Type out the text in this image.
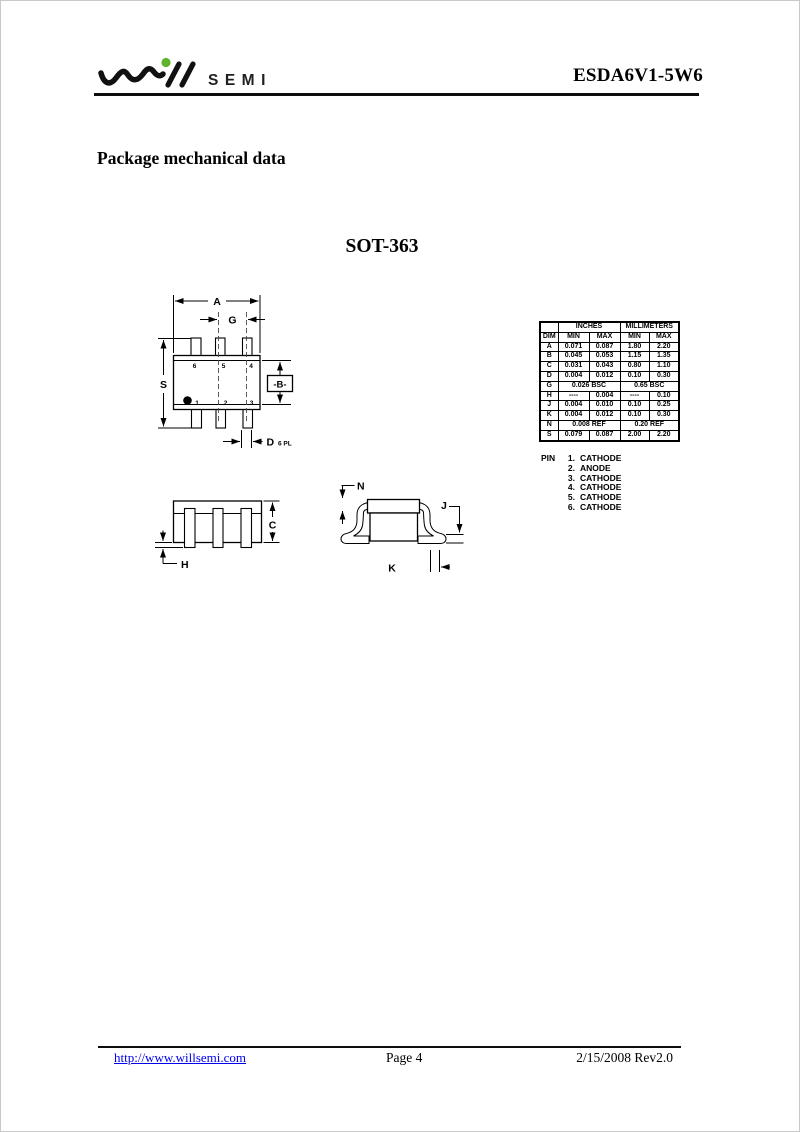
SEMI	ESDA6V1-5W6
Package mechanical data
SOT-363
6	5	4
1	2	3
A
G
S	-B-
D 6 PL
C
H
N
J
K
	INCHES		MILLIMETERS	
DIM	MIN	MAX	MIN	MAX
A	0.071	0.087	1.80	2.20
B	0.045	0.053	1.15	1.35
C	0.031	0.043	0.80	1.10
D	0.004	0.012	0.10	0.30
G	0.026 BSC		0.65 BSC	
H	----	0.004	----	0.10
J	0.004	0.010	0.10	0.25
K	0.004	0.012	0.10	0.30
N	0.008 REF		0.20 REF	
S	0.079	0.087	2.00	2.20
PIN	1. CATHODE
2. ANODE
3. CATHODE
4. CATHODE
5. CATHODE
6. CATHODE
http://www.willsemi.com	Page 4	2/15/2008 Rev2.0
